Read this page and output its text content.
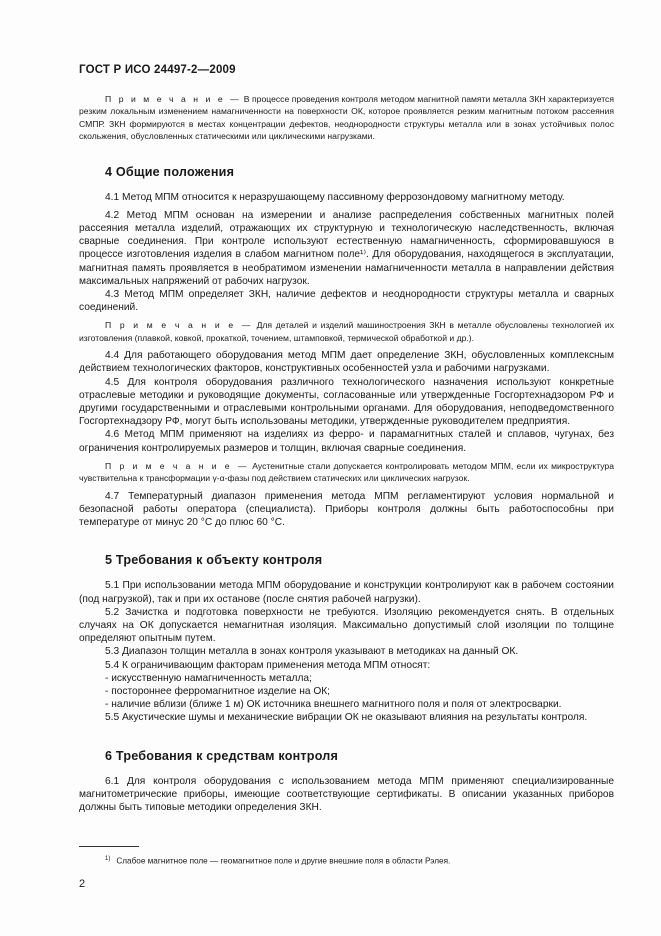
ГОСТ Р ИСО 24497-2—2009

П р и м е ч а н и е — В процессе проведения контроля методом магнитной памяти металла ЗКН характеризуется резким локальным изменением намагниченности на поверхности ОК, которое проявляется резким магнитным потоком рассеяния СМПР. ЗКН формируются в местах концентрации дефектов, неоднородности структуры металла или в зонах устойчивых полос скольжения, обусловленных статическими или циклическими нагрузками.

4 Общие положения

4.1 Метод МПМ относится к неразрушающему пассивному феррозондовому магнитному методу.

4.2 Метод МПМ основан на измерении и анализе распределения собственных магнитных полей рассеяния металла изделий, отражающих их структурную и технологическую наследственность, включая сварные соединения. При контроле используют естественную намагниченность, сформировавшуюся в процессе изготовления изделия в слабом магнитном поле¹⁾. Для оборудования, находящегося в эксплуатации, магнитная память проявляется в необратимом изменении намагниченности металла в направлении действия максимальных напряжений от рабочих нагрузок.

4.3 Метод МПМ определяет ЗКН, наличие дефектов и неоднородности структуры металла и сварных соединений.

П р и м е ч а н и е — Для деталей и изделий машиностроения ЗКН в металле обусловлены технологией их изготовления (плавкой, ковкой, прокаткой, точением, штамповкой, термической обработкой и др.).

4.4 Для работающего оборудования метод МПМ дает определение ЗКН, обусловленных комплексным действием технологических факторов, конструктивных особенностей узла и рабочими нагрузками.

4.5 Для контроля оборудования различного технологического назначения используют конкретные отраслевые методики и руководящие документы, согласованные или утвержденные Госгортехнадзором РФ и другими государственными и отраслевыми контрольными органами. Для оборудования, неподведомственного Госгортехнадзору РФ, могут быть использованы методики, утвержденные руководителем предприятия.

4.6 Метод МПМ применяют на изделиях из ферро- и парамагнитных сталей и сплавов, чугунах, без ограничения контролируемых размеров и толщин, включая сварные соединения.

П р и м е ч а н и е — Аустенитные стали допускается контролировать методом МПМ, если их микроструктура чувствительна к трансформации γ-α-фазы под действием статических или циклических нагрузок.

4.7 Температурный диапазон применения метода МПМ регламентируют условия нормальной и безопасной работы оператора (специалиста). Приборы контроля должны быть работоспособны при температуре от минус 20 °С до плюс 60 °С.

5 Требования к объекту контроля

5.1 При использовании метода МПМ оборудование и конструкции контролируют как в рабочем состоянии (под нагрузкой), так и при их останове (после снятия рабочей нагрузки).

5.2 Зачистка и подготовка поверхности не требуются. Изоляцию рекомендуется снять. В отдельных случаях на ОК допускается немагнитная изоляция. Максимально допустимый слой изоляции по толщине определяют опытным путем.

5.3 Диапазон толщин металла в зонах контроля указывают в методиках на данный ОК.

5.4 К ограничивающим факторам применения метода МПМ относят:

- искусственную намагниченность металла;

- постороннее ферромагнитное изделие на ОК;

- наличие вблизи (ближе 1 м) ОК источника внешнего магнитного поля и поля от электросварки.

5.5 Акустические шумы и механические вибрации ОК не оказывают влияния на результаты контроля.

6 Требования к средствам контроля

6.1 Для контроля оборудования с использованием метода МПМ применяют специализированные магнитометрические приборы, имеющие соответствующие сертификаты. В описании указанных приборов должны быть типовые методики определения ЗКН.

$^{1)}$ Слабое магнитное поле — геомагнитное поле и другие внешние поля в области Рэлея.
2
